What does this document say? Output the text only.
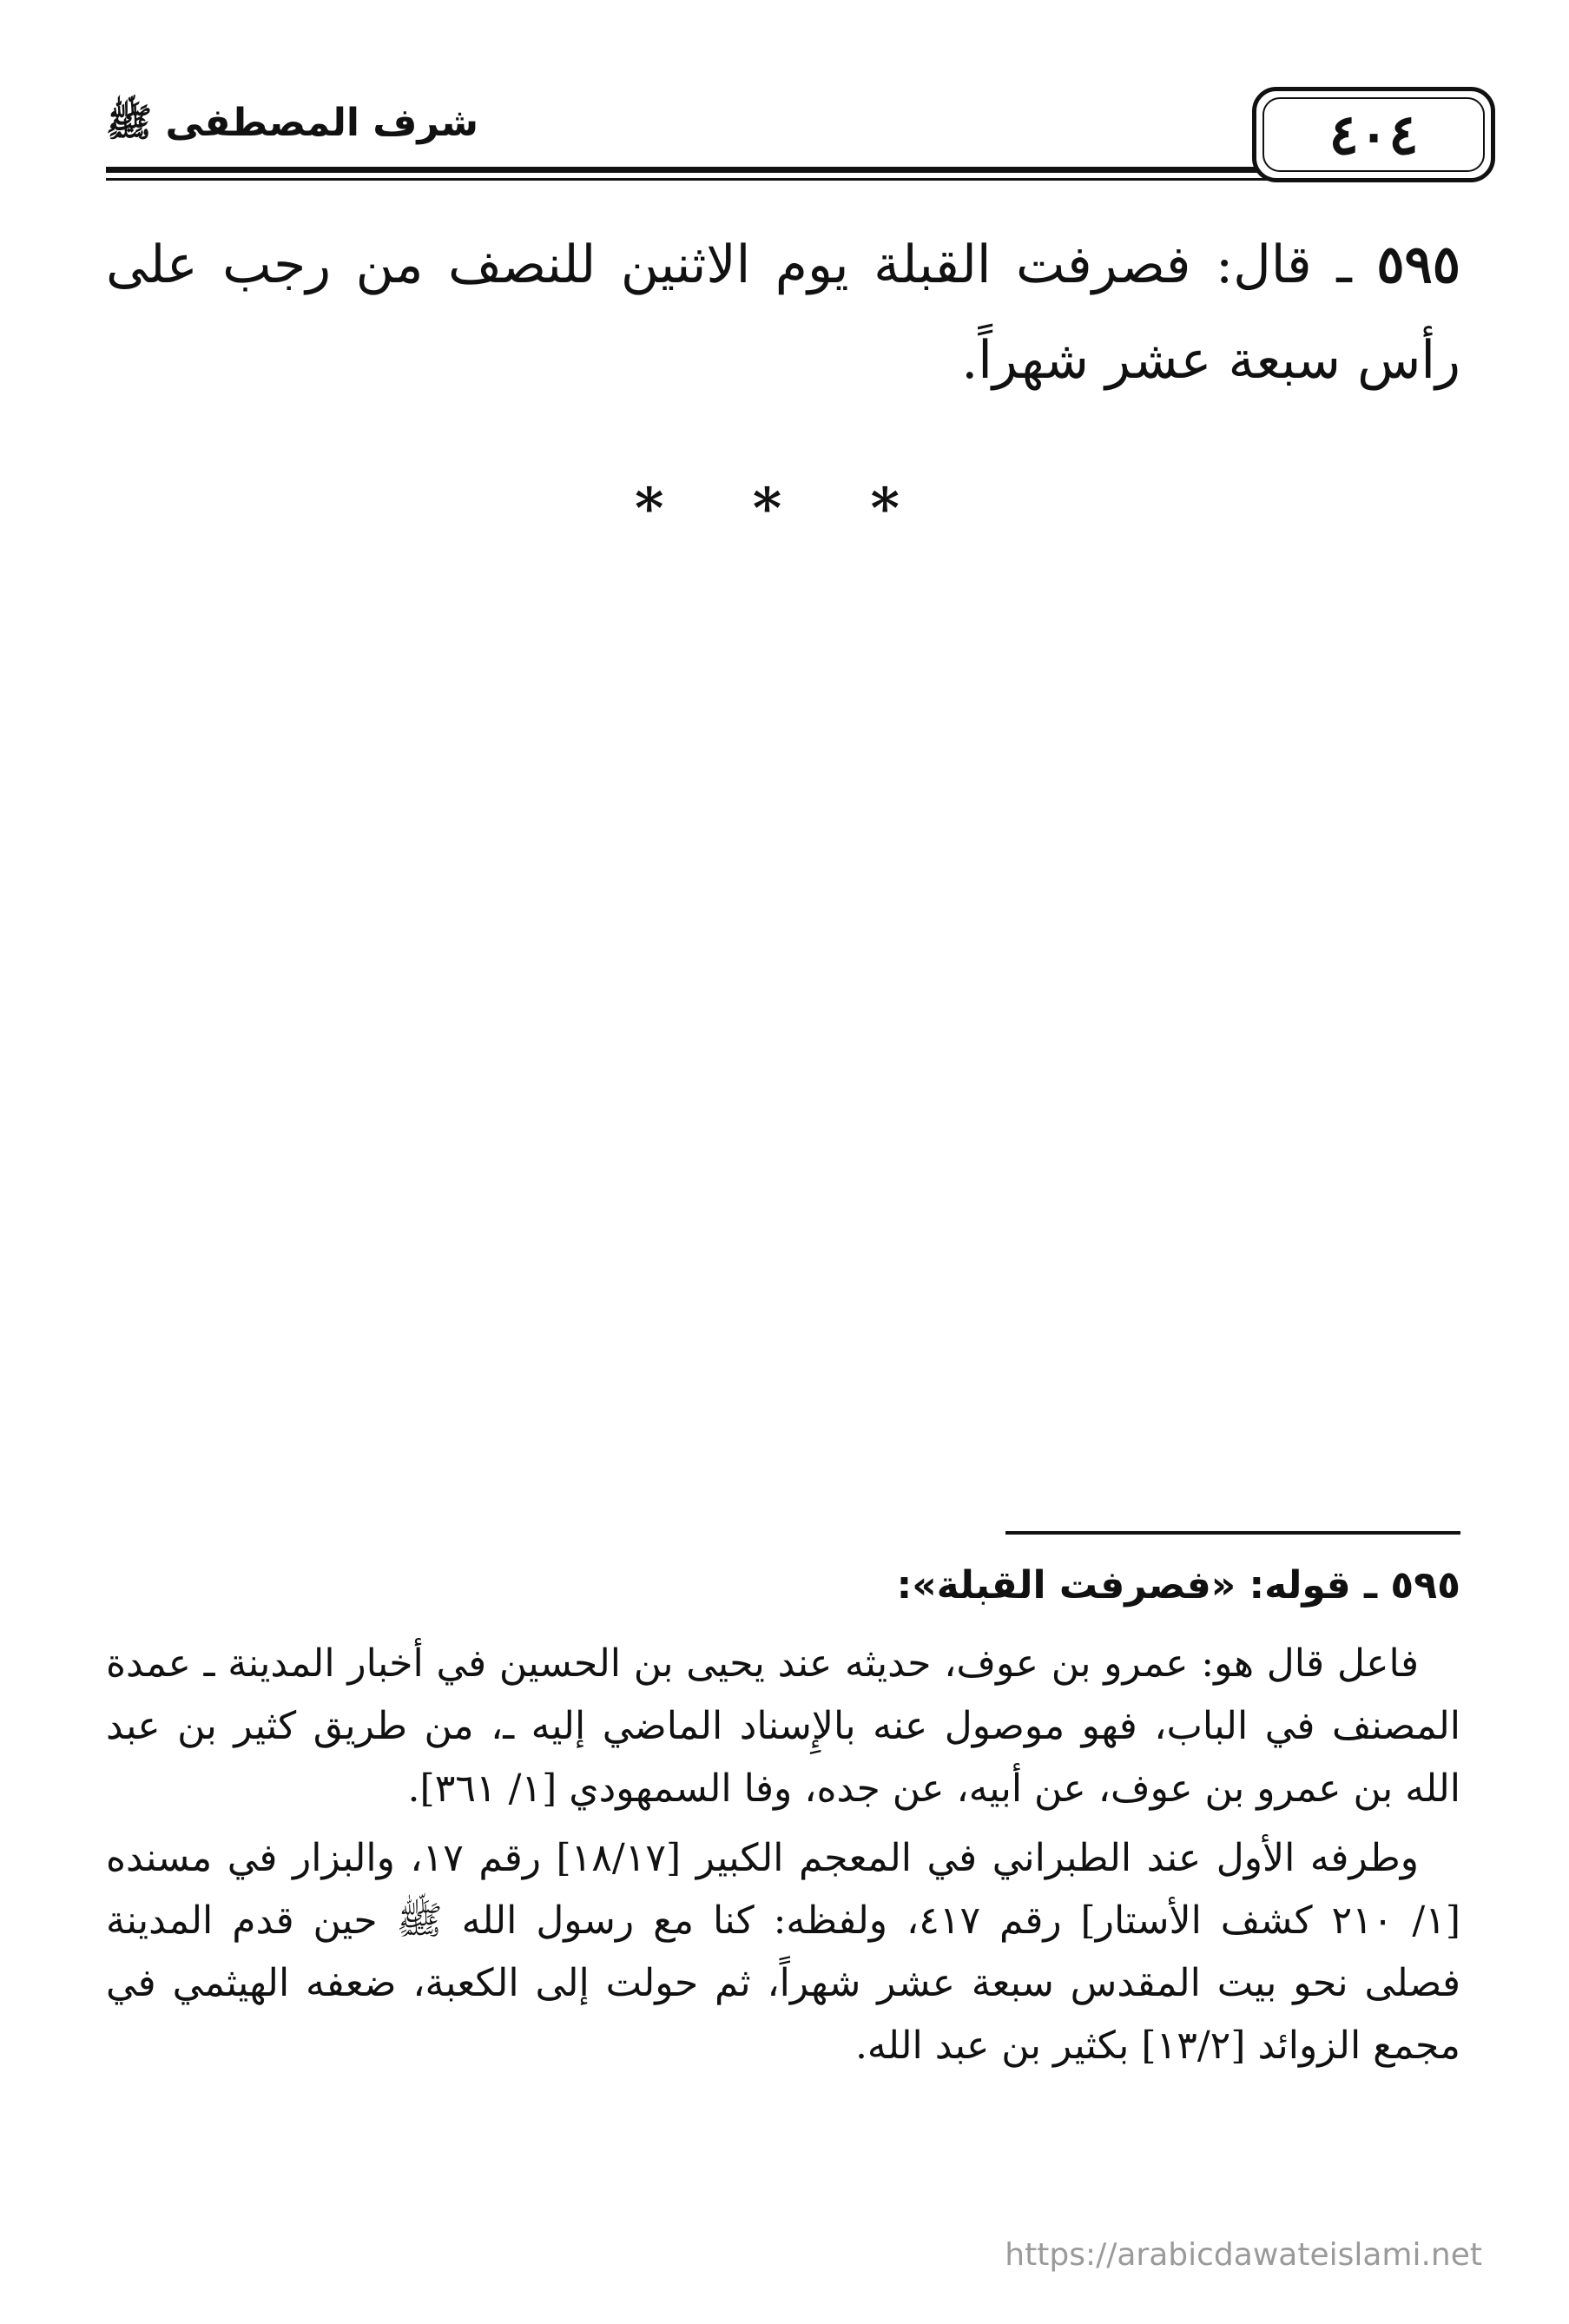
٤٠٤
شرف المصطفى ﷺ
٥٩٥ ـ قال: فصرفت القبلة يوم الاثنين للنصف من رجب على رأس سبعة عشر شهراً.
* * *
٥٩٥ ـ قوله: «فصرفت القبلة»:

فاعل قال هو: عمرو بن عوف، حديثه عند يحيى بن الحسين في أخبار المدينة ـ عمدة المصنف في الباب، فهو موصول عنه بالإِسناد الماضي إليه ـ، من طريق كثير بن عبد الله بن عمرو بن عوف، عن أبيه، عن جده، وفا السمهودي [١/ ٣٦١].

وطرفه الأول عند الطبراني في المعجم الكبير [١٨/١٧] رقم ١٧، والبزار في مسنده [١/ ٢١٠ كشف الأستار] رقم ٤١٧، ولفظه: كنا مع رسول الله ﷺ حين قدم المدينة فصلى نحو بيت المقدس سبعة عشر شهراً، ثم حولت إلى الكعبة، ضعفه الهيثمي في مجمع الزوائد [١٣/٢] بكثير بن عبد الله.

https://arabicdawateislami.net
